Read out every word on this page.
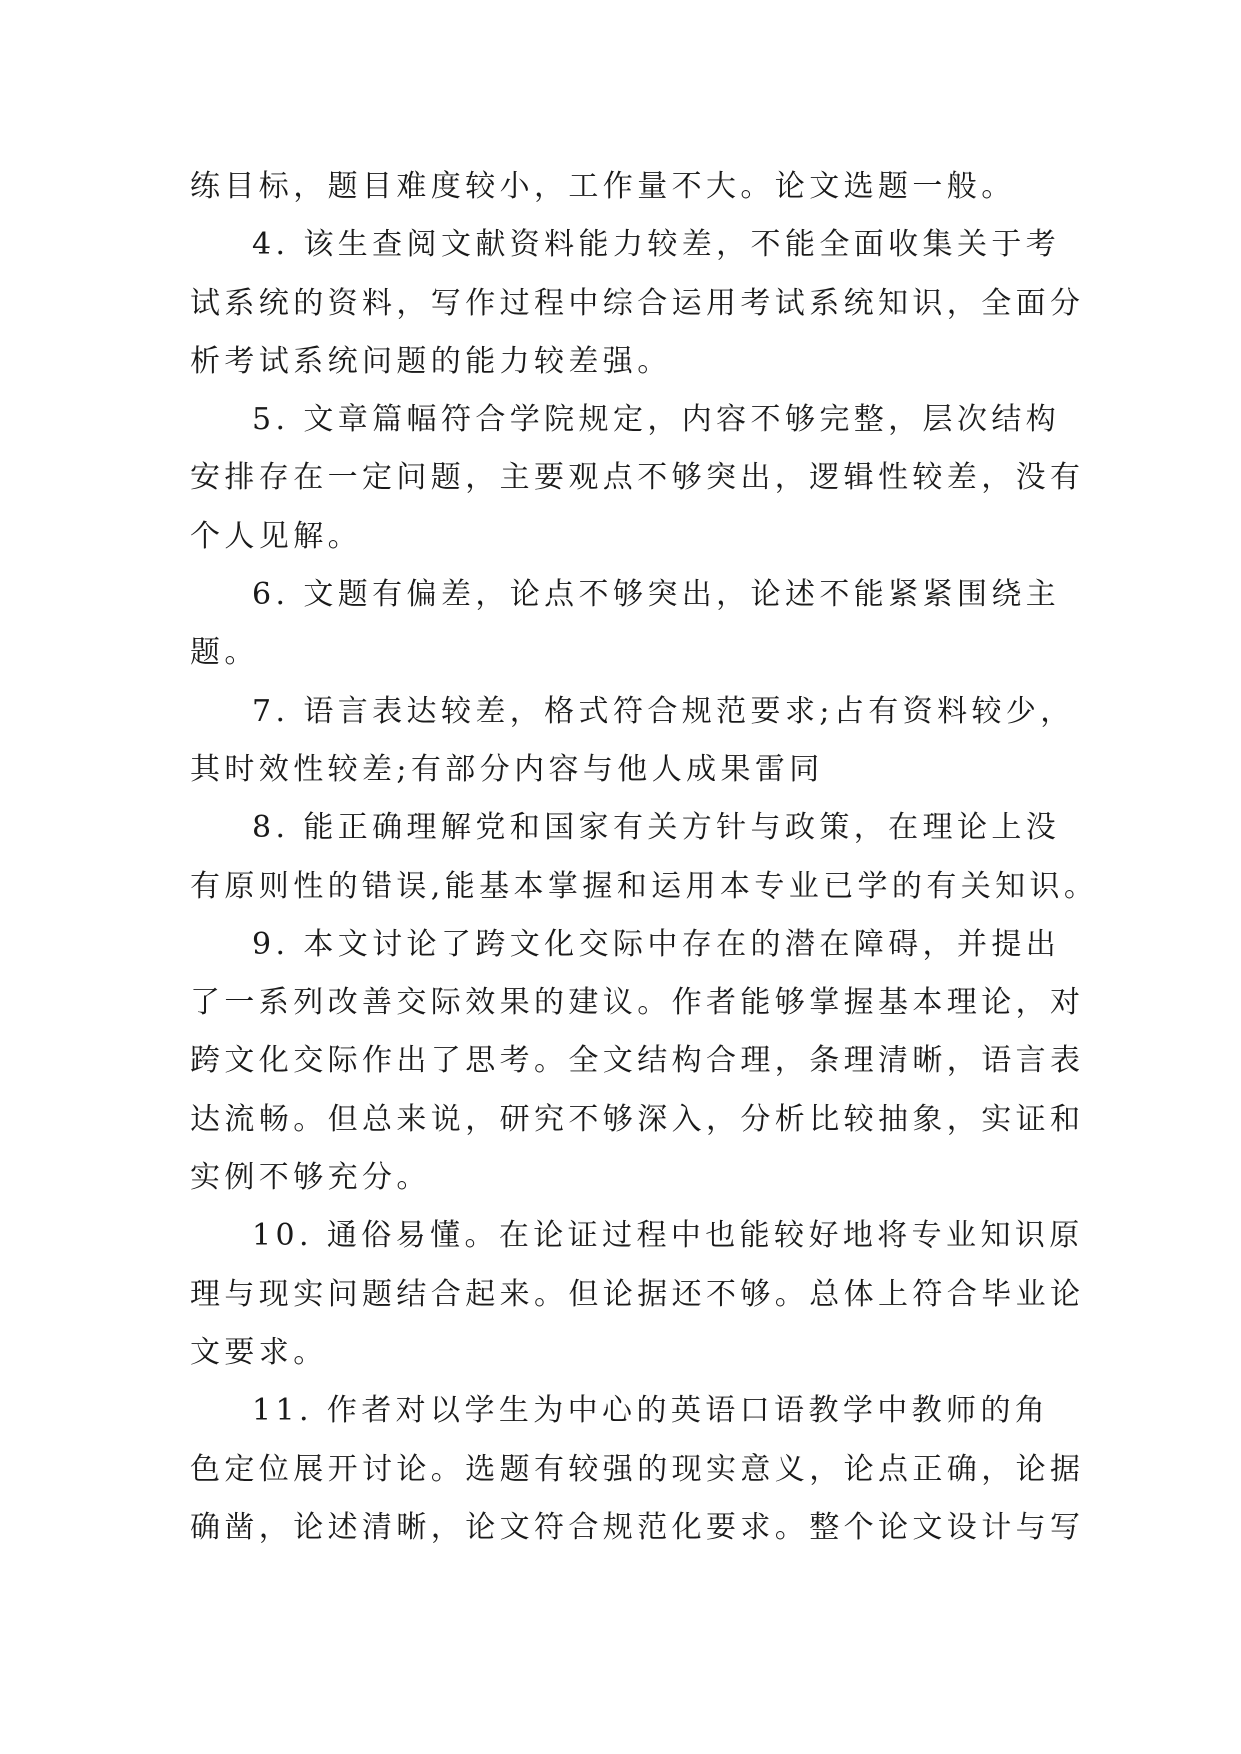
练目标，题目难度较小，工作量不大。论文选题一般。
4. 该生查阅文献资料能力较差，不能全面收集关于考
试系统的资料，写作过程中综合运用考试系统知识，全面分
析考试系统问题的能力较差强。
5. 文章篇幅符合学院规定，内容不够完整，层次结构
安排存在一定问题，主要观点不够突出，逻辑性较差，没有
个人见解。
6. 文题有偏差，论点不够突出，论述不能紧紧围绕主
题。
7. 语言表达较差，格式符合规范要求;占有资料较少，
其时效性较差;有部分内容与他人成果雷同
8. 能正确理解党和国家有关方针与政策，在理论上没
有原则性的错误,能基本掌握和运用本专业已学的有关知识。
9. 本文讨论了跨文化交际中存在的潜在障碍，并提出
了一系列改善交际效果的建议。作者能够掌握基本理论，对
跨文化交际作出了思考。全文结构合理，条理清晰，语言表
达流畅。但总来说，研究不够深入，分析比较抽象，实证和
实例不够充分。
10. 通俗易懂。在论证过程中也能较好地将专业知识原
理与现实问题结合起来。但论据还不够。总体上符合毕业论
文要求。
11. 作者对以学生为中心的英语口语教学中教师的角
色定位展开讨论。选题有较强的现实意义，论点正确，论据
确凿，论述清晰，论文符合规范化要求。整个论文设计与写
